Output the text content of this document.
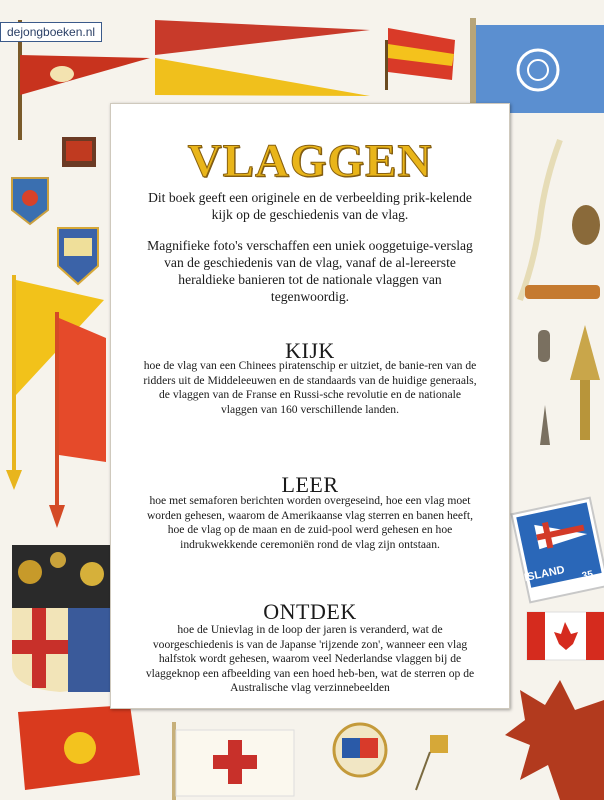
dejongboeken.nl
VLAGGEN
Dit boek geeft een originele en de verbeelding prik-kelende kijk op de geschiedenis van de vlag.
Magnifieke foto's verschaffen een uniek ooggetuige-verslag van de geschiedenis van de vlag, vanaf de al-lereerste heraldieke banieren tot de nationale vlaggen van tegenwoordig.
KIJK
hoe de vlag van een Chinees piratenschip er uitziet, de banie-ren van de ridders uit de Middeleeuwen en de standaards van de huidige generaals, de vlaggen van de Franse en Russi-sche revolutie en de nationale vlaggen van 160 verschillende landen.
LEER
hoe met semaforen berichten worden overgeseind, hoe een vlag moet worden gehesen, waarom de Amerikaanse vlag sterren en banen heeft, hoe de vlag op de maan en de zuid-pool werd gehesen en hoe indrukwekkende ceremoniën rond de vlag zijn ontstaan.
ONTDEK
hoe de Unievlag in de loop der jaren is veranderd, wat de voorgeschiedenis is van de Japanse 'rijzende zon', wanneer een vlag halfstok wordt gehesen, waarom veel Nederlandse vlaggen bij de vlaggeknop een afbeelding van een hoed heb-ben, wat de sterren op de Australische vlag verzinnebeelden
ISLAND 35
